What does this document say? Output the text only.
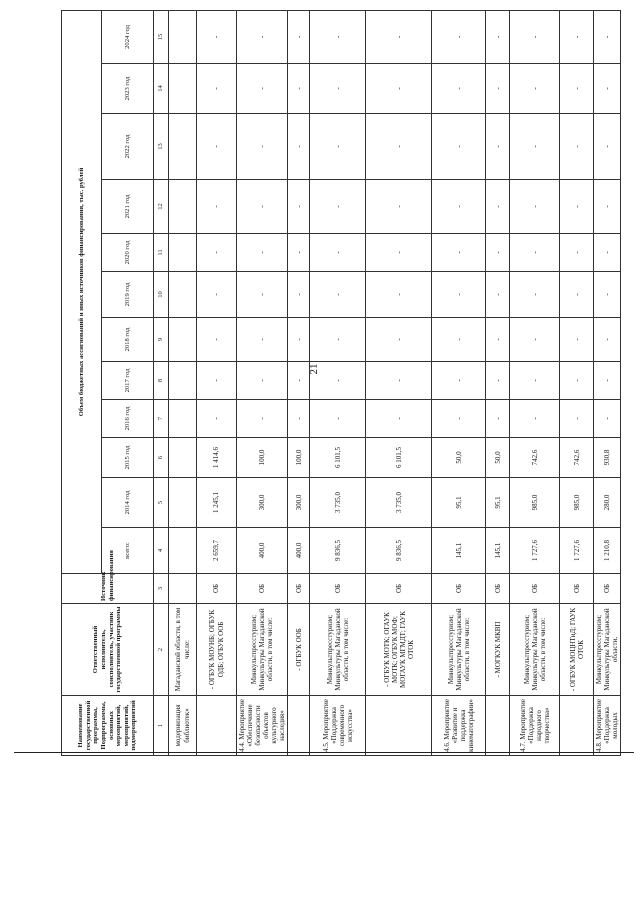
21
Наименование государственной программы, Подпрограммы, основных мероприятий, мероприятий, подмероприятий	Ответственный исполнитель, соисполнитель, участник государственной программы	Источник финансирования	Объем бюджетных ассигнований и иных источников финансирования, тыс. рублей											
			всего:	2014 год	2015 год	2016 год	2017 год	2018 год	2019 год	2020 год	2021 год	2022 год	2023 год	2024 год
1	2	3	4	5	6	7	8	9	10	11	12	13	14	15
модернизация библиотек»	Магаданской области, в том числе:													
	- ОГБУК МОУНБ; ОГБУК ОДБ; ОГБУК ООБ	ОБ	2 659,7	1 245,1	1 414,6	-	-	-	-	-	-	-	-	-
4.4. Мероприятие «Обеспечение безопасности объектов культурного наследия»	Минкультпресстуризм; Минкультуры Магаданской области, в том числе:	ОБ	400,0	300,0	100,0	-	-	-	-	-	-	-	-	-
	- ОГБУК ООБ	ОБ	400,0	300,0	100,0	-	-	-	-	-	-	-	-	-
4.5. Мероприятие «Поддержка современного искусства»	Минкультпресстуризм; Минкультуры Магаданской области, в том числе:	ОБ	9 836,5	3 735,0	6 101,5	-	-	-	-	-	-	-	-	-
	- ОГБУК МОТК; ОГАУК МОТК; ОГБУК МОФ; МОГАУК МГМДТ; ГАУК ОТОК	ОБ	9 836,5	3 735,0	6 101,5	-	-	-	-	-	-	-	-	-
4.6. Мероприятие «Развитие и поддержка кинематографии»	Минкультпресстуризм; Минкультуры Магаданской области, в том числе:	ОБ	145,1	95,1	50,0	-	-	-	-	-	-	-	-	-
	- МОГКУК МКВП	ОБ	145,1	95,1	50,0	-	-	-	-	-	-	-	-	-
4.7. Мероприятие «Поддержка народного творчества»	Минкультпресстуризм; Минкультуры Магаданской области, в том числе:	ОБ	1 727,6	985,0	742,6	-	-	-	-	-	-	-	-	-
	- ОГБУК МОЦНТиД; ГАУК ОТОК	ОБ	1 727,6	985,0	742,6	-	-	-	-	-	-	-	-	-
4.8. Мероприятие «Поддержка молодых	Минкультпресстуризм; Минкультуры Магаданской области,	ОБ	1 210,8	280,0	930,8	-	-	-	-	-	-	-	-	-
